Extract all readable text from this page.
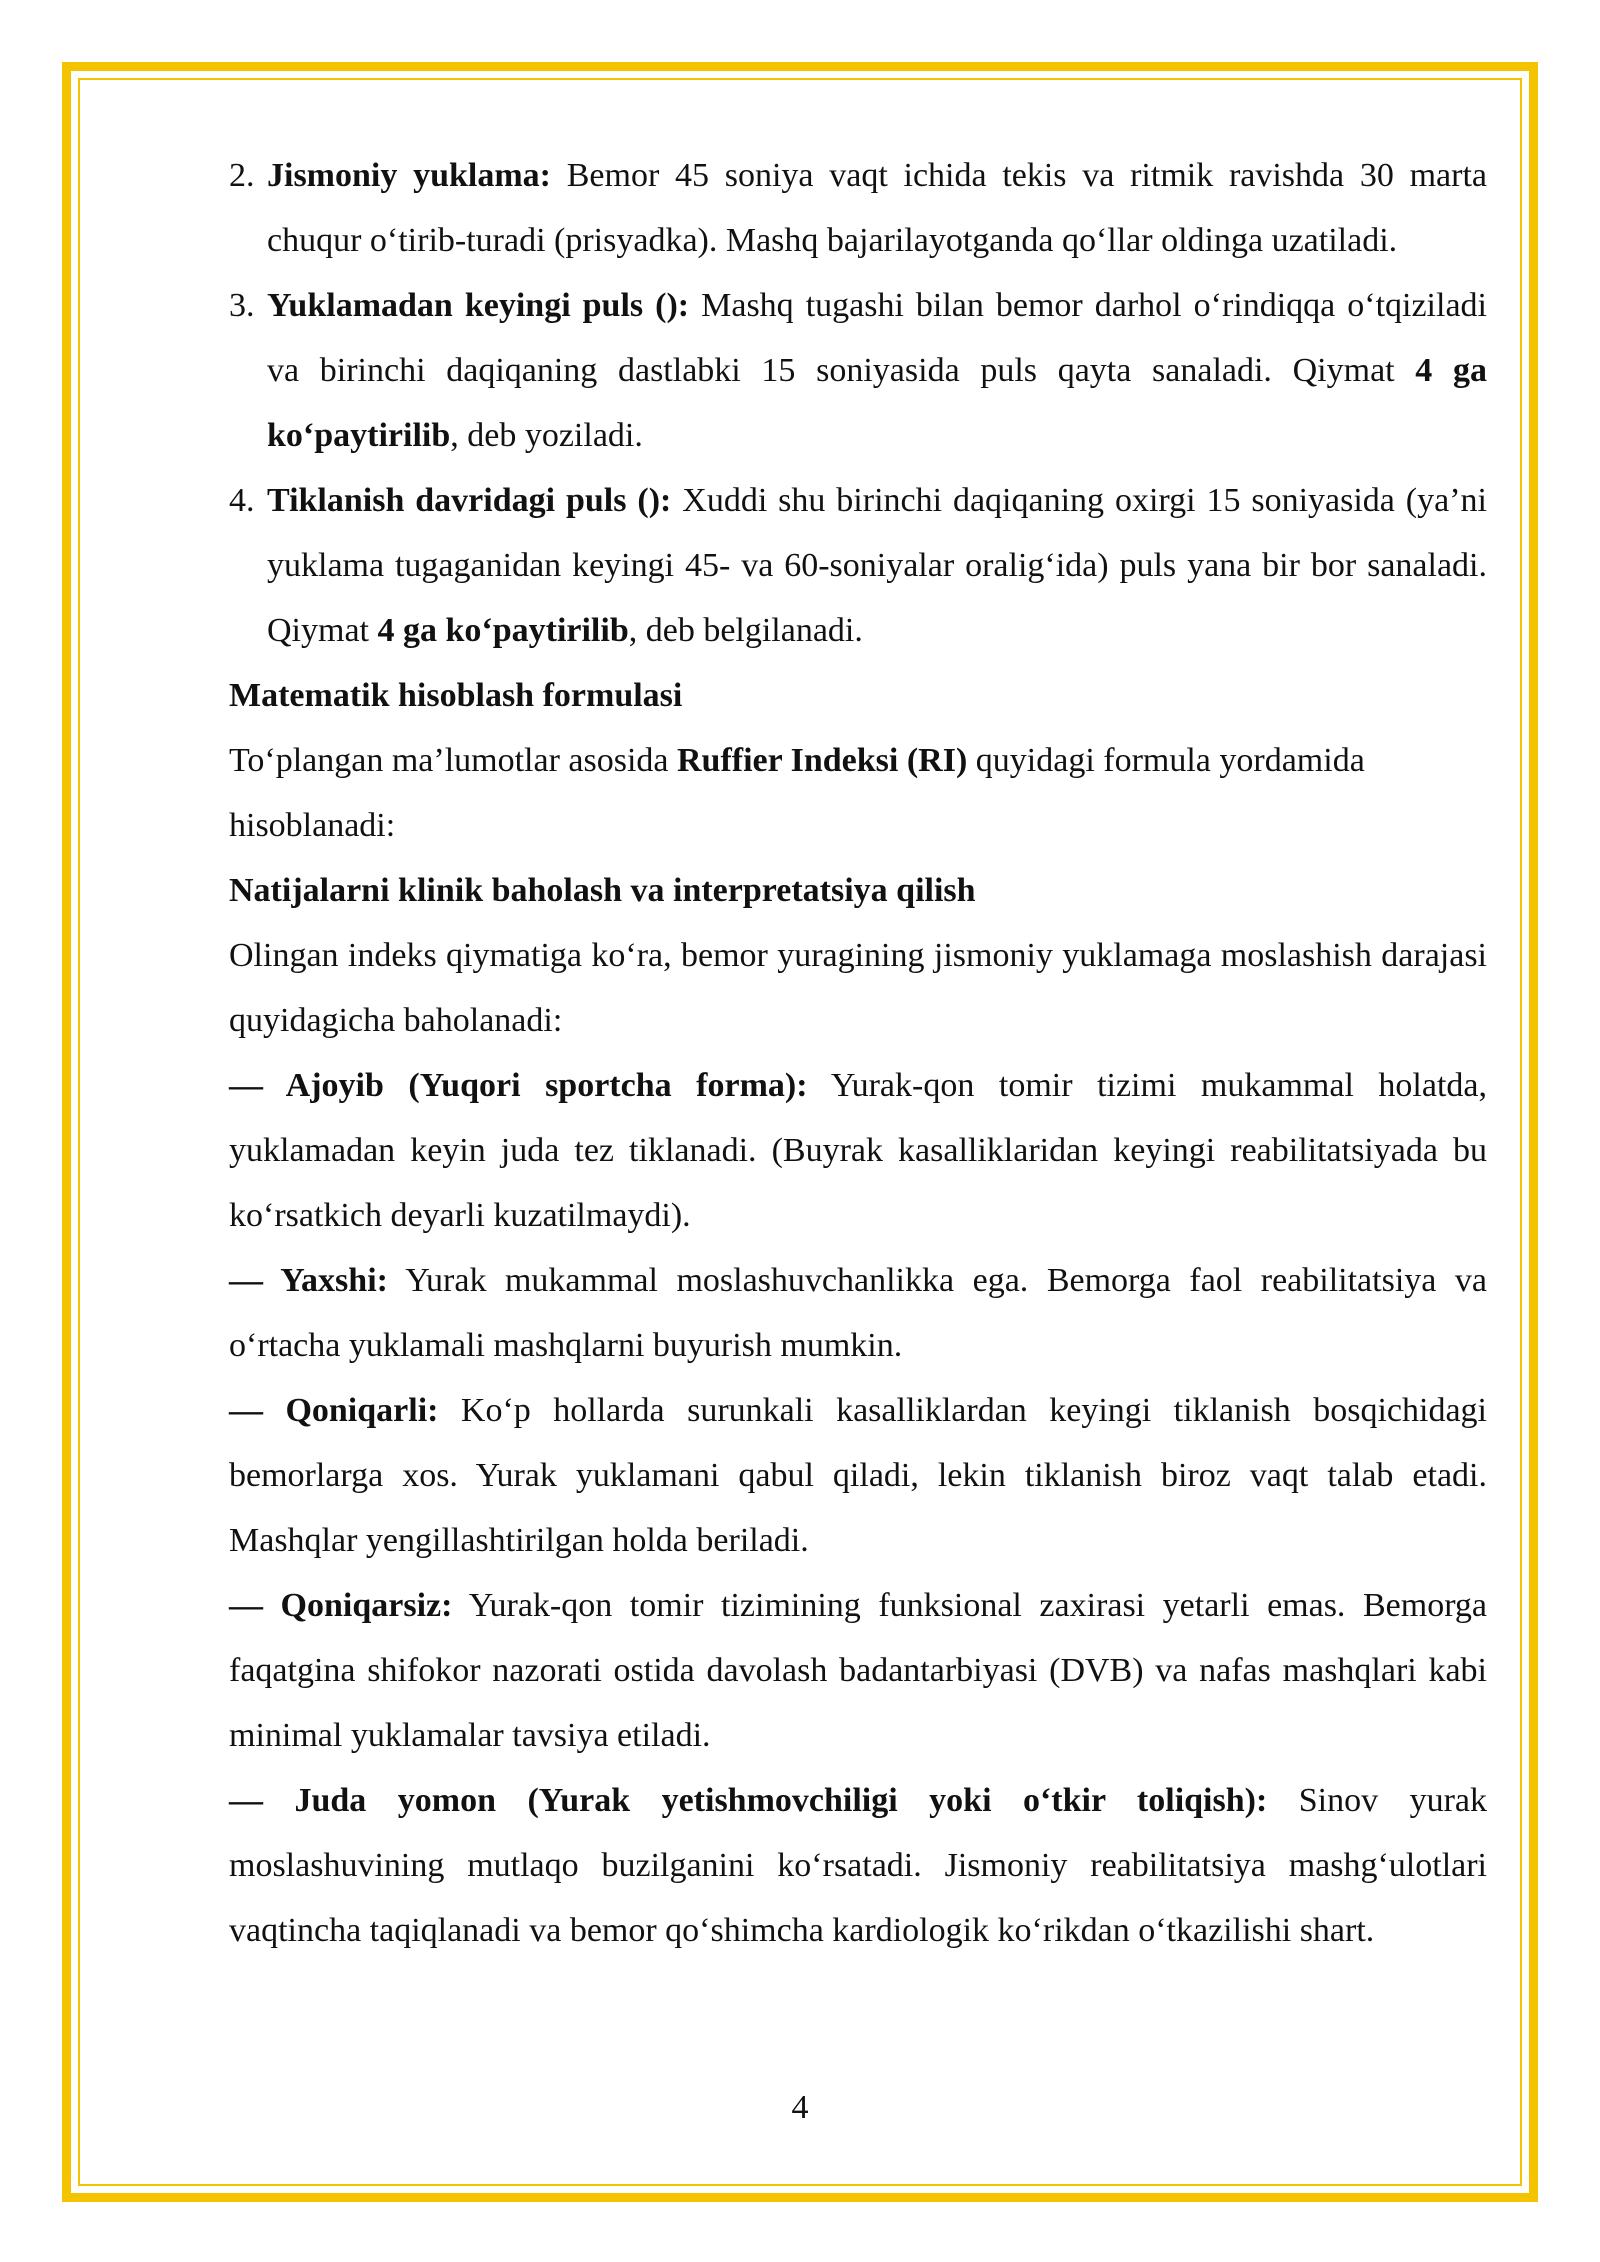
2. Jismoniy yuklama: Bemor 45 soniya vaqt ichida tekis va ritmik ravishda 30 marta chuqur o‘tirib-turadi (prisyadka). Mashq bajarilayotganda qo‘llar oldinga uzatiladi.
3. Yuklamadan keyingi puls (): Mashq tugashi bilan bemor darhol o‘rindiqqa o‘tqiziladi va birinchi daqiqaning dastlabki 15 soniyasida puls qayta sanaladi. Qiymat 4 ga ko‘paytirilib, deb yoziladi.
4. Tiklanish davridagi puls (): Xuddi shu birinchi daqiqaning oxirgi 15 soniyasida (ya’ni yuklama tugaganidan keyingi 45- va 60-soniyalar oralig‘ida) puls yana bir bor sanaladi. Qiymat 4 ga ko‘paytirilib, deb belgilanadi.
Matematik hisoblash formulasi
To‘plangan ma’lumotlar asosida Ruffier Indeksi (RI) quyidagi formula yordamida hisoblanadi:
Natijalarni klinik baholash va interpretatsiya qilish
Olingan indeks qiymatiga ko‘ra, bemor yuragining jismoniy yuklamaga moslashish darajasi quyidagicha baholanadi:
— Ajoyib (Yuqori sportcha forma): Yurak-qon tomir tizimi mukammal holatda, yuklamadan keyin juda tez tiklanadi. (Buyrak kasalliklaridan keyingi reabilitatsiyada bu ko‘rsatkich deyarli kuzatilmaydi).
— Yaxshi: Yurak mukammal moslashuvchanlikka ega. Bemorga faol reabilitatsiya va o‘rtacha yuklamali mashqlarni buyurish mumkin.
— Qoniqarli: Ko‘p hollarda surunkali kasalliklardan keyingi tiklanish bosqichidagi bemorlarga xos. Yurak yuklamani qabul qiladi, lekin tiklanish biroz vaqt talab etadi. Mashqlar yengillashtirilgan holda beriladi.
— Qoniqarsiz: Yurak-qon tomir tizimining funksional zaxirasi yetarli emas. Bemorga faqatgina shifokor nazorati ostida davolash badantarbiyasi (DVB) va nafas mashqlari kabi minimal yuklamalar tavsiya etiladi.
— Juda yomon (Yurak yetishmovchiligi yoki o‘tkir toliqish): Sinov yurak moslashuvining mutlaqo buzilganini ko‘rsatadi. Jismoniy reabilitatsiya mashg‘ulotlari vaqtincha taqiqlanadi va bemor qo‘shimcha kardiologik ko‘rikdan o‘tkazilishi shart.
4
